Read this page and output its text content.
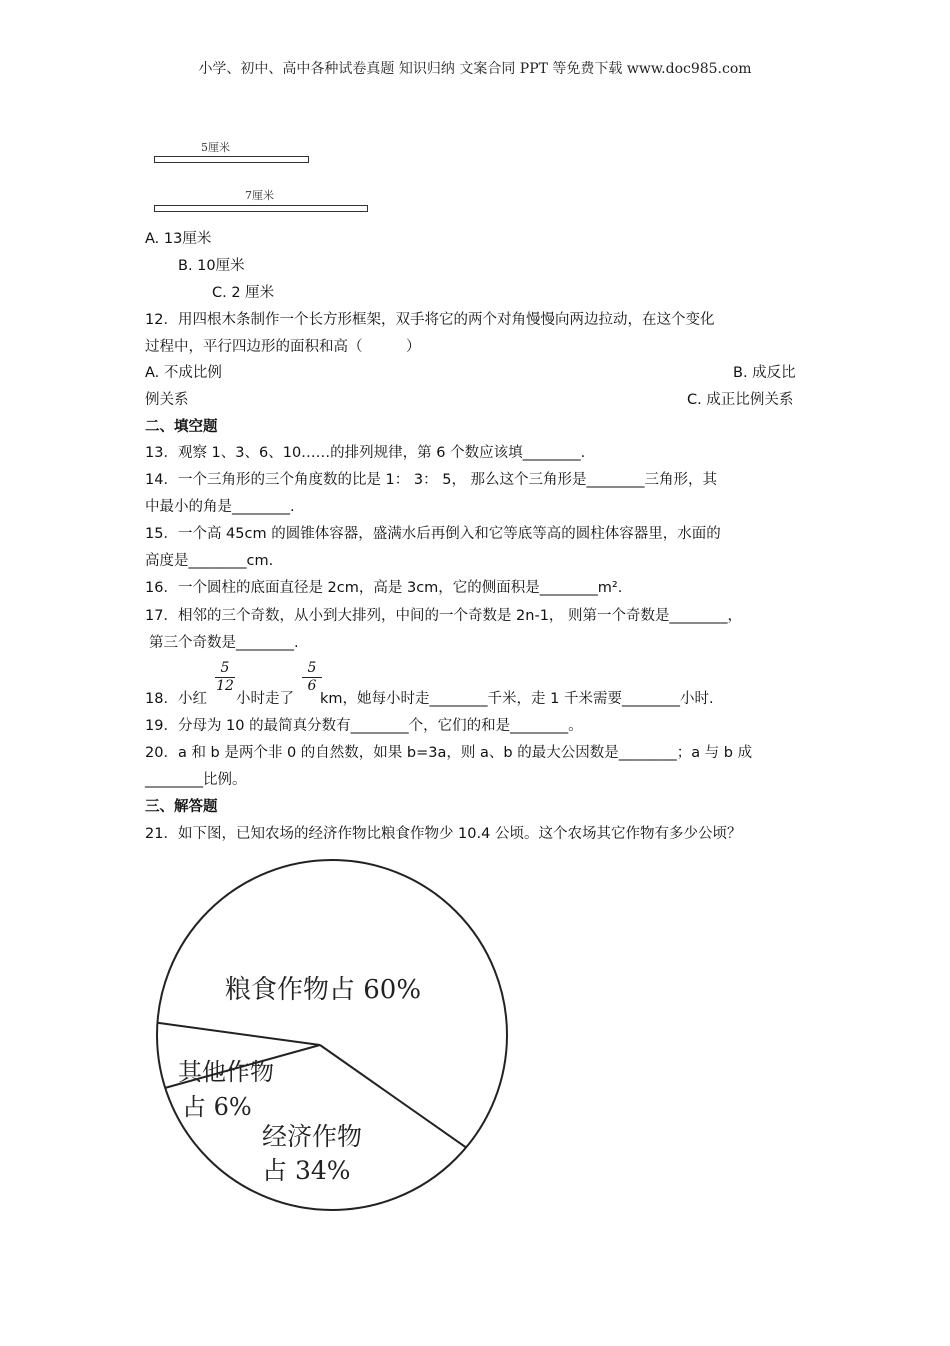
小学、初中、高中各种试卷真题 知识归纳 文案合同 PPT 等免费下载 www.doc985.com
5厘米
7厘米
A. 13厘米
B. 10厘米
C. 2 厘米
12．用四根木条制作一个长方形框架，双手将它的两个对角慢慢向两边拉动，在这个变化
过程中，平行四边形的面积和高（　　　）
A. 不成比例	B. 成反比
例关系	C. 成正比例关系
二、填空题
13．观察 1、3、6、10……的排列规律，第 6 个数应该填________.
14．一个三角形的三个角度数的比是 1： 3： 5， 那么这个三角形是________三角形，其
中最小的角是________.
15．一个高 45cm 的圆锥体容器，盛满水后再倒入和它等底等高的圆柱体容器里，水面的
高度是________cm.
16．一个圆柱的底面直径是 2cm，高是 3cm，它的侧面积是________m².
17．相邻的三个奇数，从小到大排列，中间的一个奇数是 2n-1， 则第一个奇数是________，
第三个奇数是________.
18．小红
$\frac{5}{12}$
小时走了
$\frac{5}{6}$
km，她每小时走________千米，走 1 千米需要________小时.
19．分母为 10 的最简真分数有________个，它们的和是________。
20．a 和 b 是两个非 0 的自然数，如果 b=3a，则 a、b 的最大公因数是________；a 与 b 成
________比例。
三、解答题
21．如下图，已知农场的经济作物比粮食作物少 10.4 公顷。这个农场其它作物有多少公顷？
粮食作物占 60%
其他作物
占 6%
经济作物
占 34%
